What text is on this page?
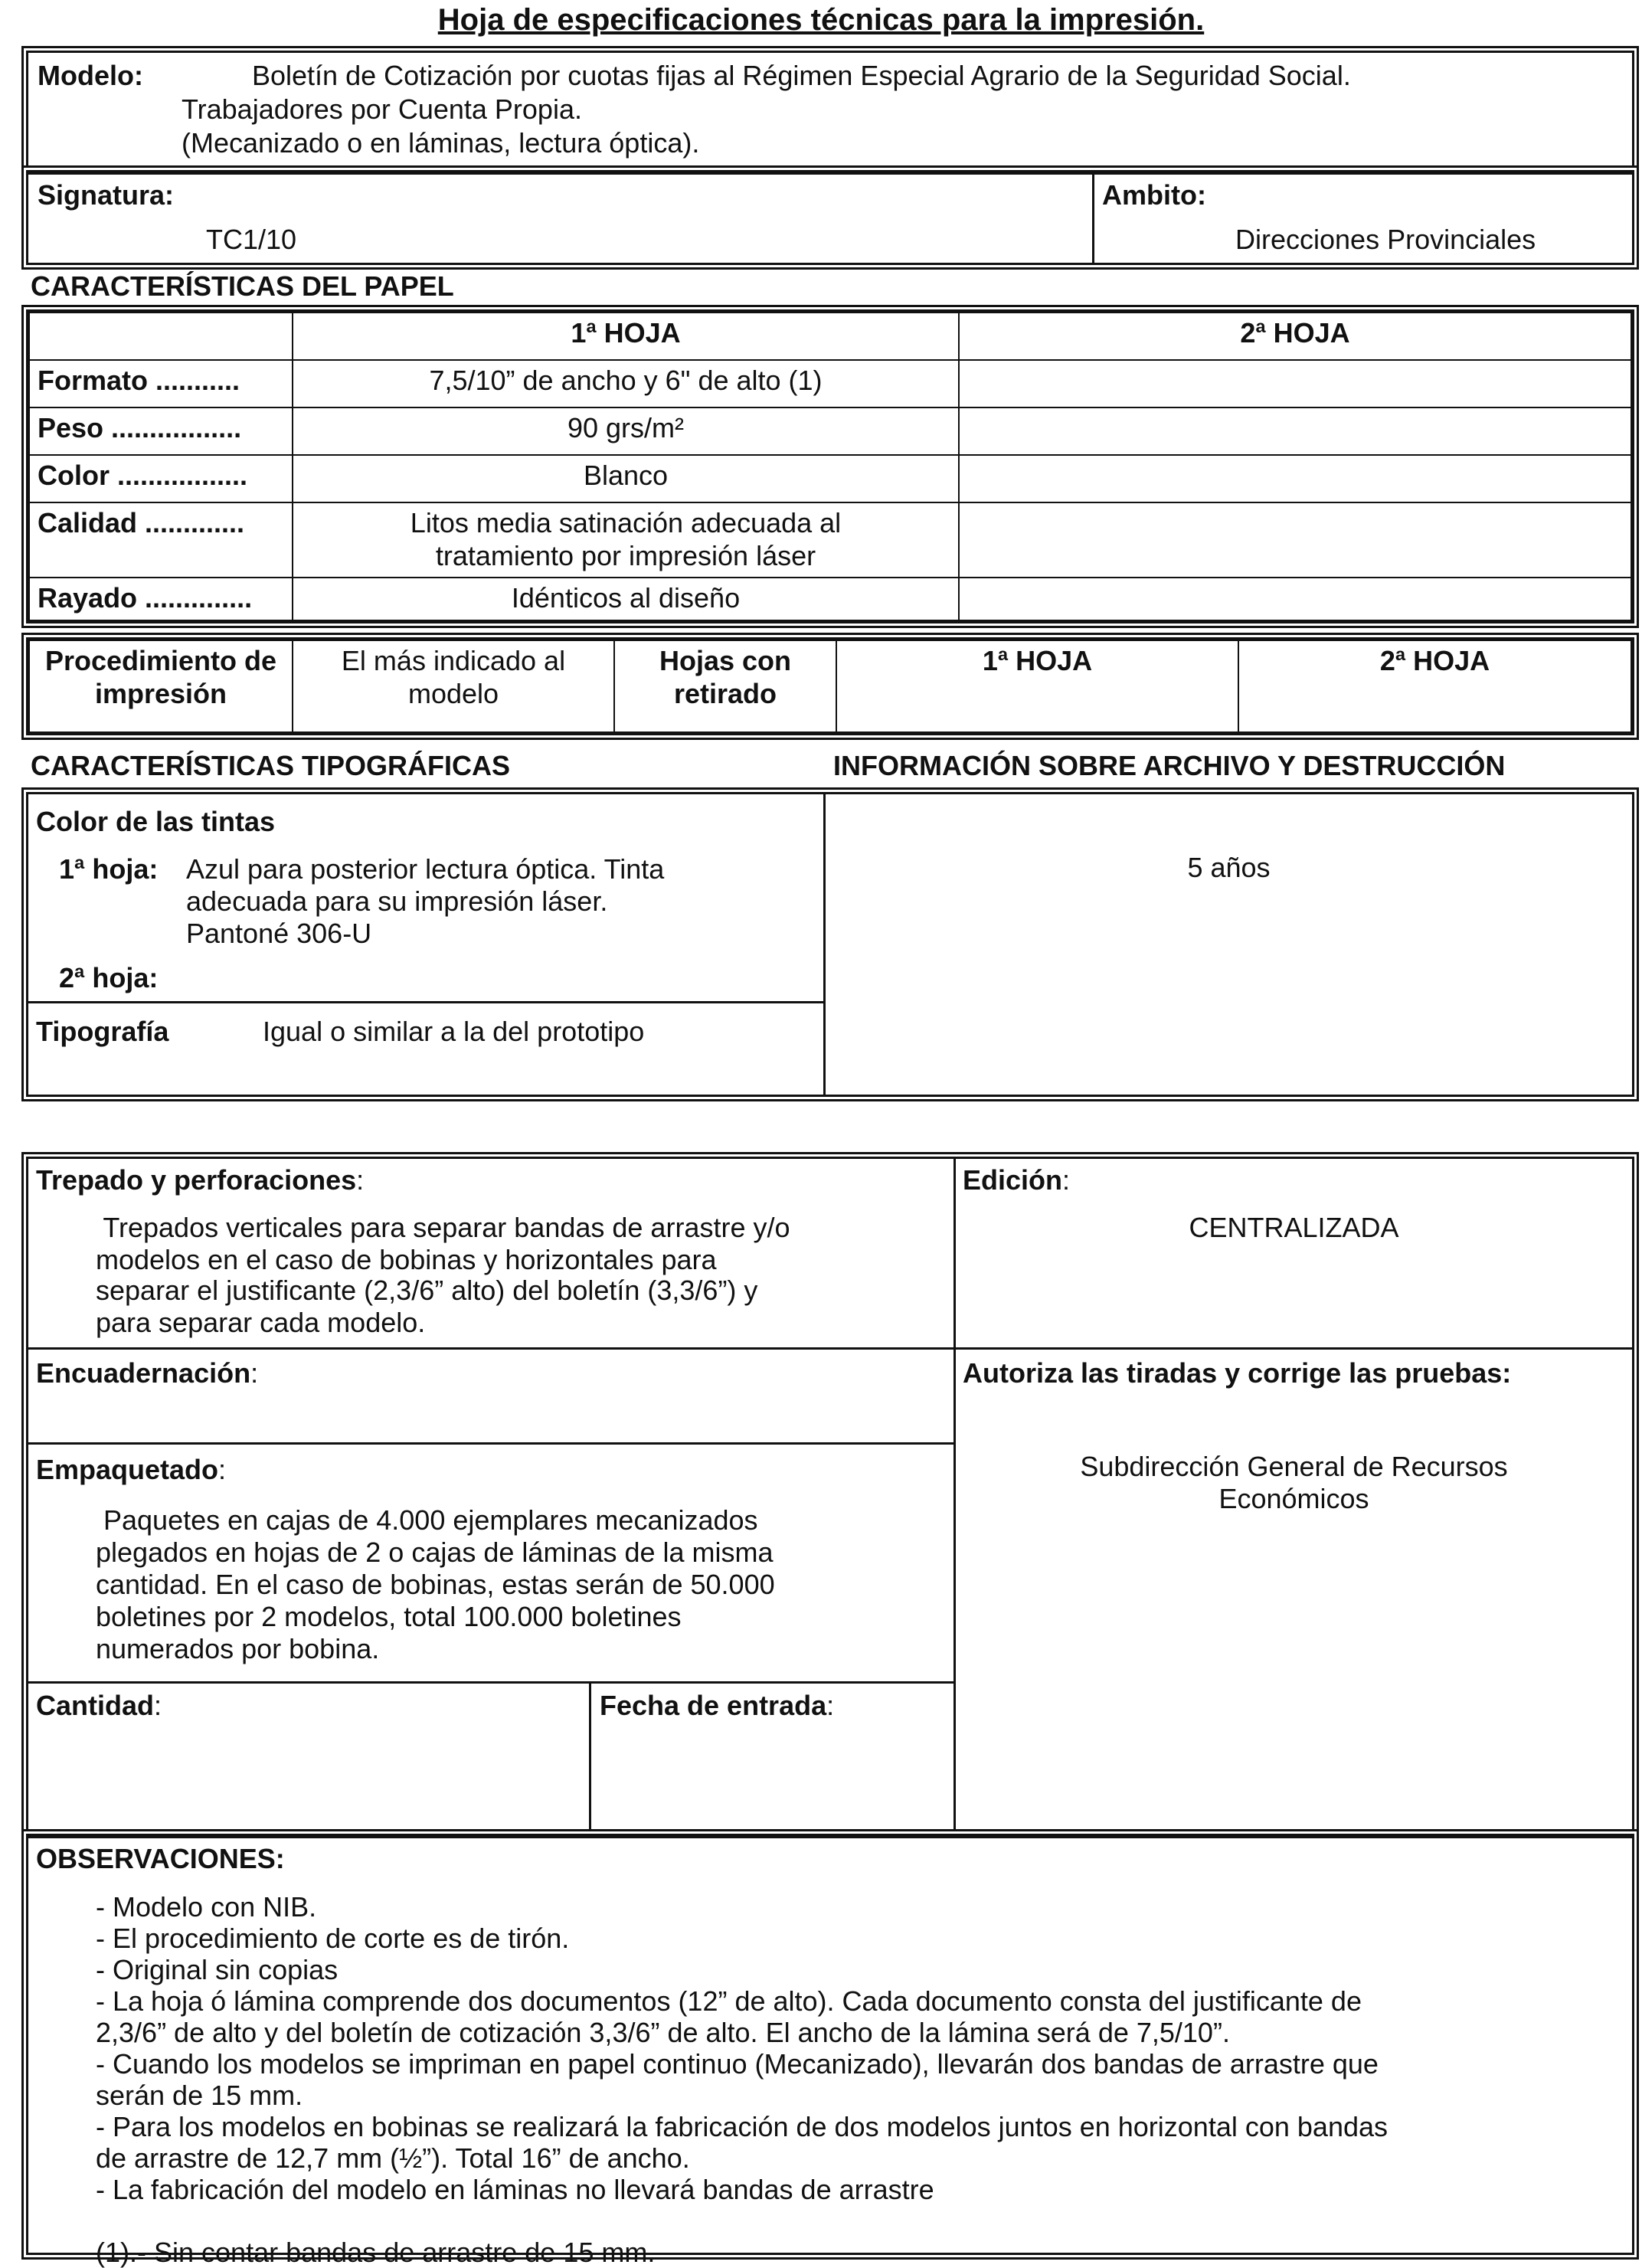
Hoja de especificaciones técnicas para la impresión.
Modelo:	Boletín de Cotización por cuotas fijas al Régimen Especial Agrario de la Seguridad Social.
Trabajadores por Cuenta Propia.
(Mecanizado o en láminas, lectura óptica).
Signatura:
TC1/10
Ambito:
Direcciones Provinciales
CARACTERÍSTICAS DEL PAPEL
	1ª HOJA	2ª HOJA
Formato ...........	7,5/10” de ancho y 6" de alto (1)	
Peso .................	90 grs/m²	
Color .................	Blanco	
Calidad .............	Litos media satinación adecuada al tratamiento por impresión láser	
Rayado ..............	Idénticos al diseño	
Procedimiento de impresión	El más indicado al modelo	Hojas con retirado	1ª HOJA	2ª HOJA
CARACTERÍSTICAS TIPOGRÁFICAS	INFORMACIÓN SOBRE ARCHIVO Y DESTRUCCIÓN
Color de las tintas
1ª hoja: Azul para posterior lectura óptica. Tinta
adecuada para su impresión láser.
Pantoné 306-U
2ª hoja:
Tipografía	Igual o similar a la del prototipo
5 años
Trepado y perforaciones:
Trepados verticales para separar bandas de arrastre y/o
modelos en el caso de bobinas y horizontales para
separar el justificante (2,3/6” alto) del boletín (3,3/6”) y
para separar cada modelo.
Edición:
CENTRALIZADA
Encuadernación:	Autoriza las tiradas y corrige las pruebas:
Subdirección General de Recursos
Económicos
Empaquetado:
Paquetes en cajas de 4.000 ejemplares mecanizados
plegados en hojas de 2 o cajas de láminas de la misma
cantidad. En el caso de bobinas, estas serán de 50.000
boletines por 2 modelos, total 100.000 boletines
numerados por bobina.
Cantidad:	Fecha de entrada:
OBSERVACIONES:
- Modelo con NIB.
- El procedimiento de corte es de tirón.
- Original sin copias
- La hoja ó lámina comprende dos documentos (12” de alto). Cada documento consta del justificante de
2,3/6” de alto y del boletín de cotización 3,3/6” de alto. El ancho de la lámina será de 7,5/10”.
- Cuando los modelos se impriman en papel continuo (Mecanizado), llevarán dos bandas de arrastre que
serán de 15 mm.
- Para los modelos en bobinas se realizará la fabricación de dos modelos juntos en horizontal con bandas
de arrastre de 12,7 mm (½”). Total 16” de ancho.
- La fabricación del modelo en láminas no llevará bandas de arrastre
(1).- Sin contar bandas de arrastre de 15 mm.
